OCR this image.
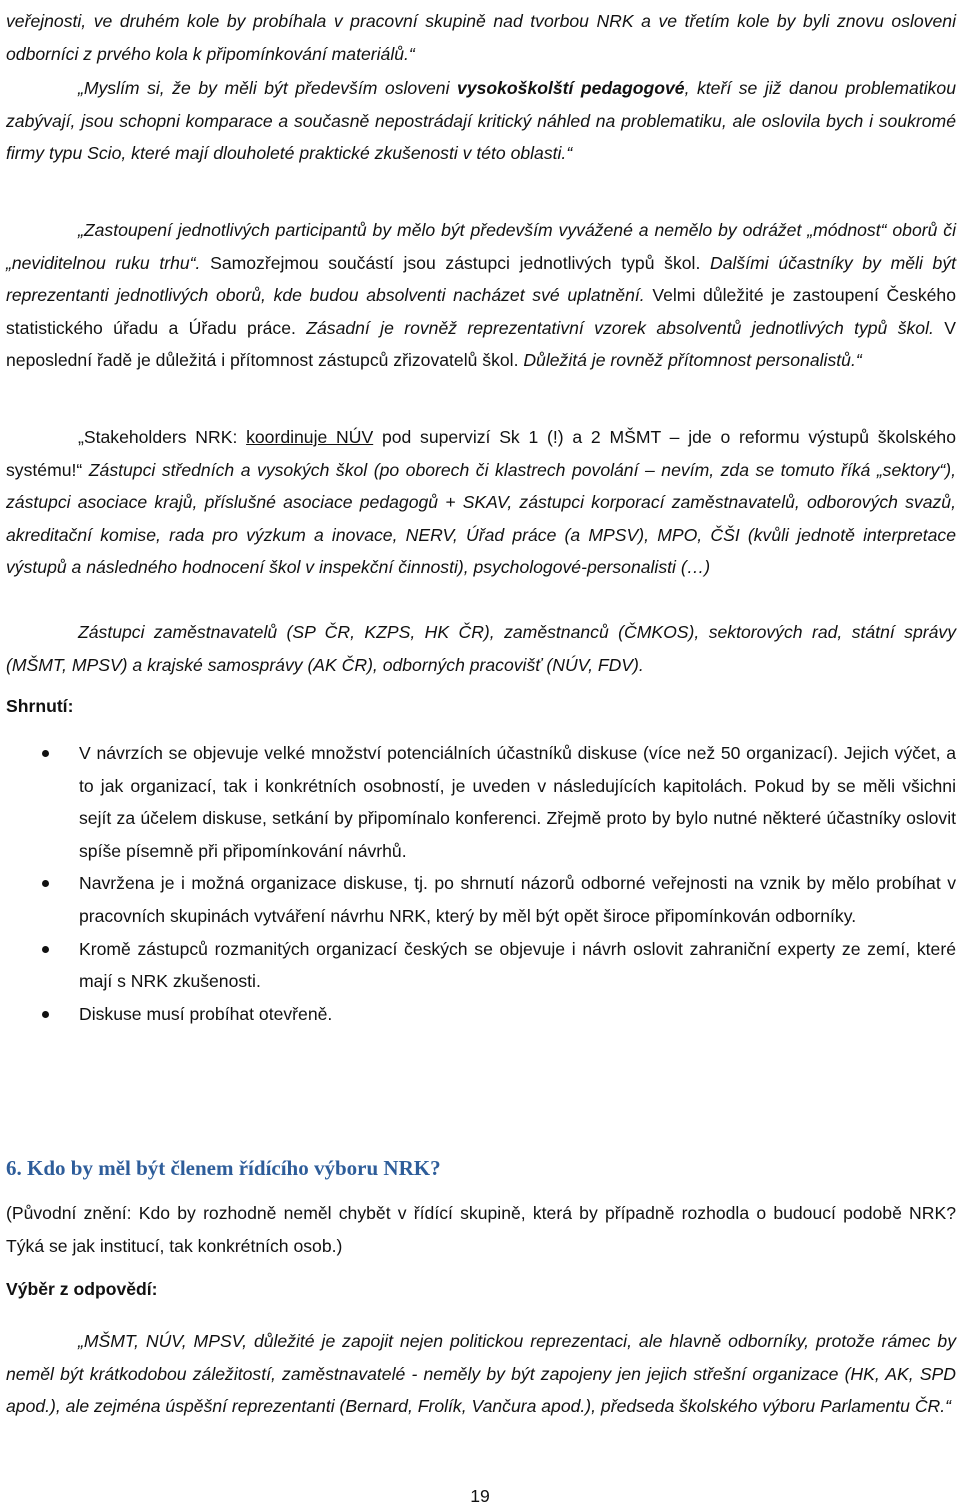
veřejnosti, ve druhém kole by probíhala v pracovní skupině nad tvorbou NRK a ve třetím kole by byli znovu osloveni odborníci z prvého kola k připomínkování materiálů.“

„Myslím si, že by měli být především osloveni vysokoškolští pedagogové, kteří se již danou problematikou zabývají, jsou schopni komparace a současně nepostrádají kritický náhled na problematiku, ale oslovila bych i soukromé firmy typu Scio, které mají dlouholeté praktické zkušenosti v této oblasti.“

„Zastoupení jednotlivých participantů by mělo být především vyvážené a nemělo by odrážet „módnost“ oborů či „neviditelnou ruku trhu“. Samozřejmou součástí jsou zástupci jednotlivých typů škol. Dalšími účastníky by měli být reprezentanti jednotlivých oborů, kde budou absolventi nacházet své uplatnění. Velmi důležité je zastoupení Českého statistického úřadu a Úřadu práce. Zásadní je rovněž reprezentativní vzorek absolventů jednotlivých typů škol. V neposlední řadě je důležitá i přítomnost zástupců zřizovatelů škol. Důležitá je rovněž přítomnost personalistů.“

„Stakeholders NRK: koordinuje NÚV pod supervizí Sk 1 (!) a 2 MŠMT – jde o reformu výstupů školského systému!“ Zástupci středních a vysokých škol (po oborech či klastrech povolání – nevím, zda se tomuto říká „sektory“), zástupci asociace krajů, příslušné asociace pedagogů + SKAV, zástupci korporací zaměstnavatelů, odborových svazů, akreditační komise, rada pro výzkum a inovace, NERV, Úřad práce (a MPSV), MPO, ČŠI (kvůli jednotě interpretace výstupů a následného hodnocení škol v inspekční činnosti), psychologové-personalisti (…)

Zástupci zaměstnavatelů (SP ČR, KZPS, HK ČR), zaměstnanců (ČMKOS), sektorových rad, státní správy (MŠMT, MPSV) a krajské samosprávy (AK ČR), odborných pracovišť (NÚV, FDV).

Shrnutí:

V návrzích se objevuje velké množství potenciálních účastníků diskuse (více než 50 organizací). Jejich výčet, a to jak organizací, tak i konkrétních osobností, je uveden v následujících kapitolách. Pokud by se měli všichni sejít za účelem diskuse, setkání by připomínalo konferenci. Zřejmě proto by bylo nutné některé účastníky oslovit spíše písemně při připomínkování návrhů.
Navržena je i možná organizace diskuse, tj. po shrnutí názorů odborné veřejnosti na vznik by mělo probíhat v pracovních skupinách vytváření návrhu NRK, který by měl být opět široce připomínkován odborníky.
Kromě zástupců rozmanitých organizací českých se objevuje i návrh oslovit zahraniční experty ze zemí, které mají s NRK zkušenosti.
Diskuse musí probíhat otevřeně.
6. Kdo by měl být členem řídícího výboru NRK?

(Původní znění: Kdo by rozhodně neměl chybět v řídící skupině, která by případně rozhodla o budoucí podobě NRK? Týká se jak institucí, tak konkrétních osob.)

Výběr z odpovědí:

„MŠMT, NÚV, MPSV, důležité je zapojit nejen politickou reprezentaci, ale hlavně odborníky, protože rámec by neměl být krátkodobou záležitostí, zaměstnavatelé - neměly by být zapojeny jen jejich střešní organizace (HK, AK, SPD apod.), ale zejména úspěšní reprezentanti (Bernard, Frolík, Vančura apod.), předseda školského výboru Parlamentu ČR.“

19
